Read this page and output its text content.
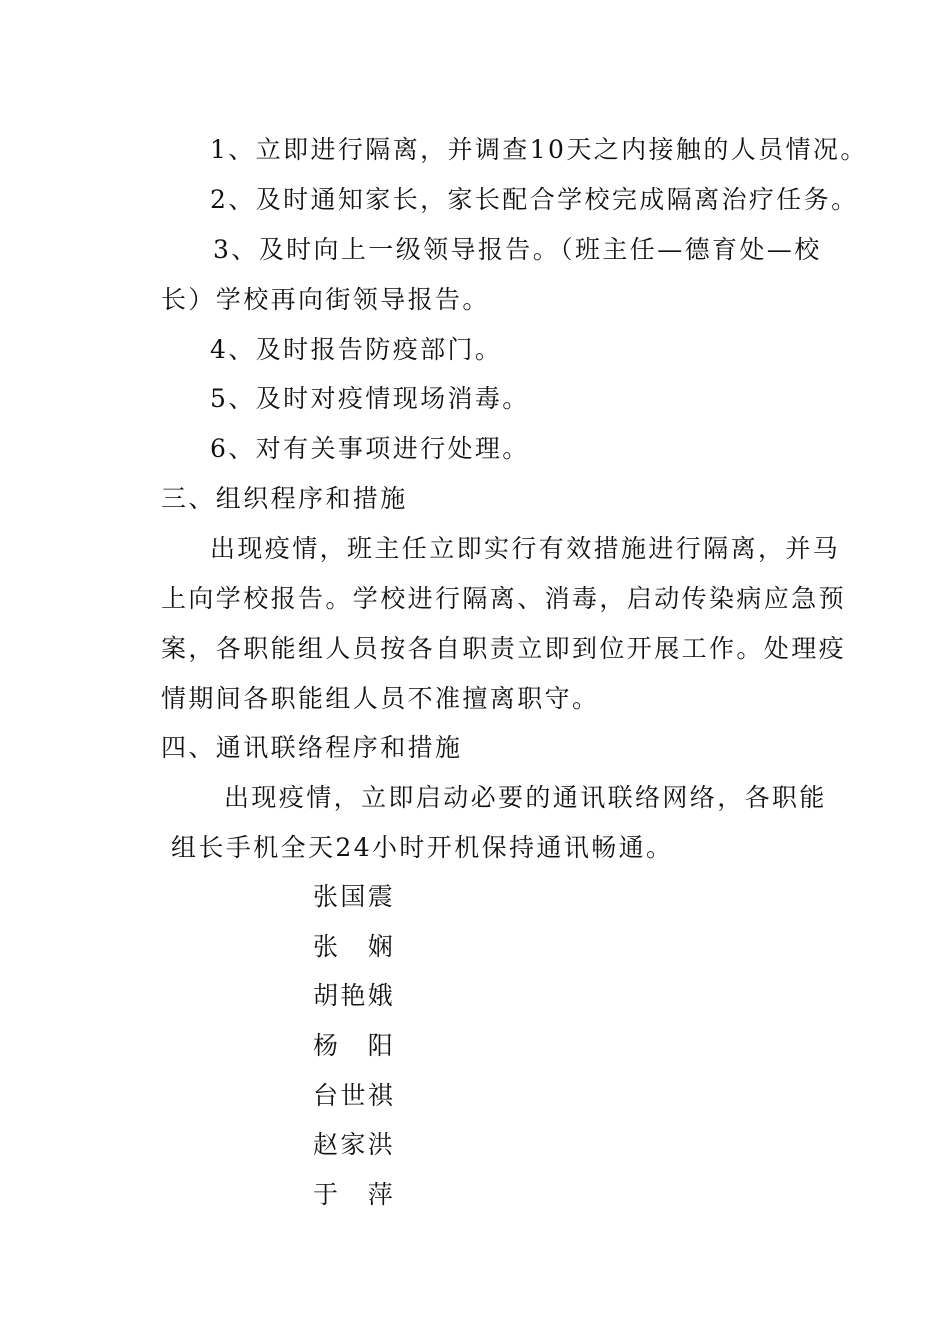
1、立即进行隔离，并调查10天之内接触的人员情况。
2、及时通知家长，家长配合学校完成隔离治疗任务。
3、及时向上一级领导报告。（班主任—德育处—校
长）学校再向街领导报告。
4、及时报告防疫部门。
5、及时对疫情现场消毒。
6、对有关事项进行处理。
三、组织程序和措施
出现疫情，班主任立即实行有效措施进行隔离，并马
上向学校报告。学校进行隔离、消毒，启动传染病应急预
案，各职能组人员按各自职责立即到位开展工作。处理疫
情期间各职能组人员不准擅离职守。
四、通讯联络程序和措施
出现疫情，立即启动必要的通讯联络网络，各职能
组长手机全天24小时开机保持通讯畅通。
张国震
张　娴
胡艳娥
杨　阳
台世祺
赵家洪
于　萍
